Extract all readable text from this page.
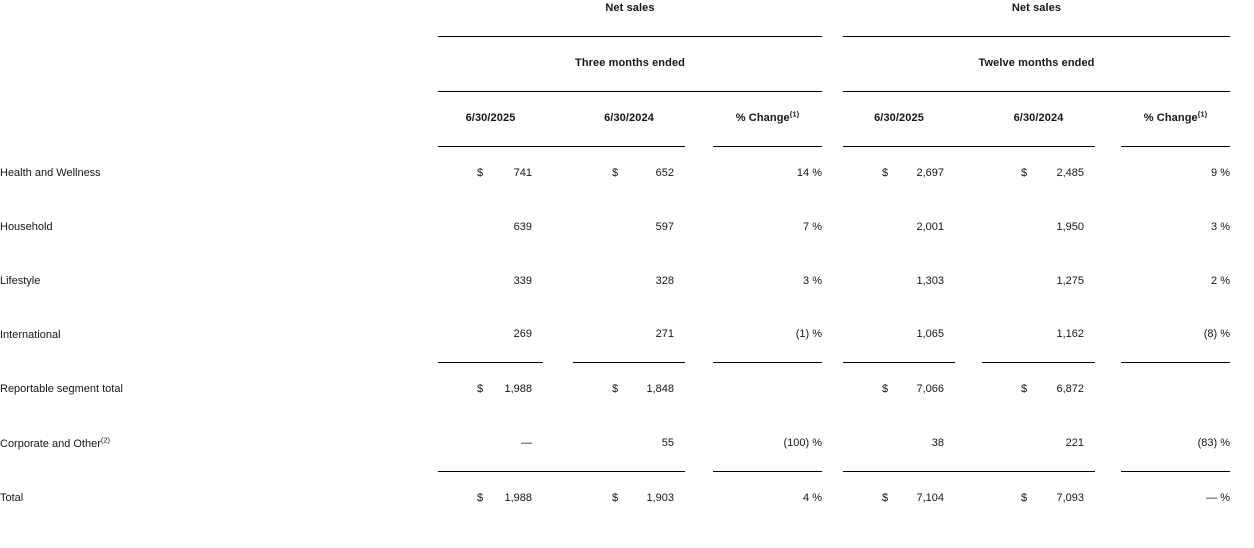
	Net sales						Net sales					
	Three months ended						Twelve months ended					
	6/30/2025		6/30/2024		% Change$^{(1)}$		6/30/2025		6/30/2024		% Change$^{(1)}$	
Health and Wellness	$ 741		$ 652		14 %		$ 2,697		$ 2,485		9 %	
Household	639		597		7 %		2,001		1,950		3 %	
Lifestyle	339		328		3 %		1,303		1,275		2 %	
International	269		271		(1) %		1,065		1,162		(8) %	
Reportable segment total	$ 1,988		$ 1,848				$ 7,066		$ 6,872			

Corporate and Other$^{(2)}$	—		55		(100) %		38		221		(83) %	
Total	$ 1,988		$ 1,903		4 %		$ 7,104		$ 7,093		— %	
